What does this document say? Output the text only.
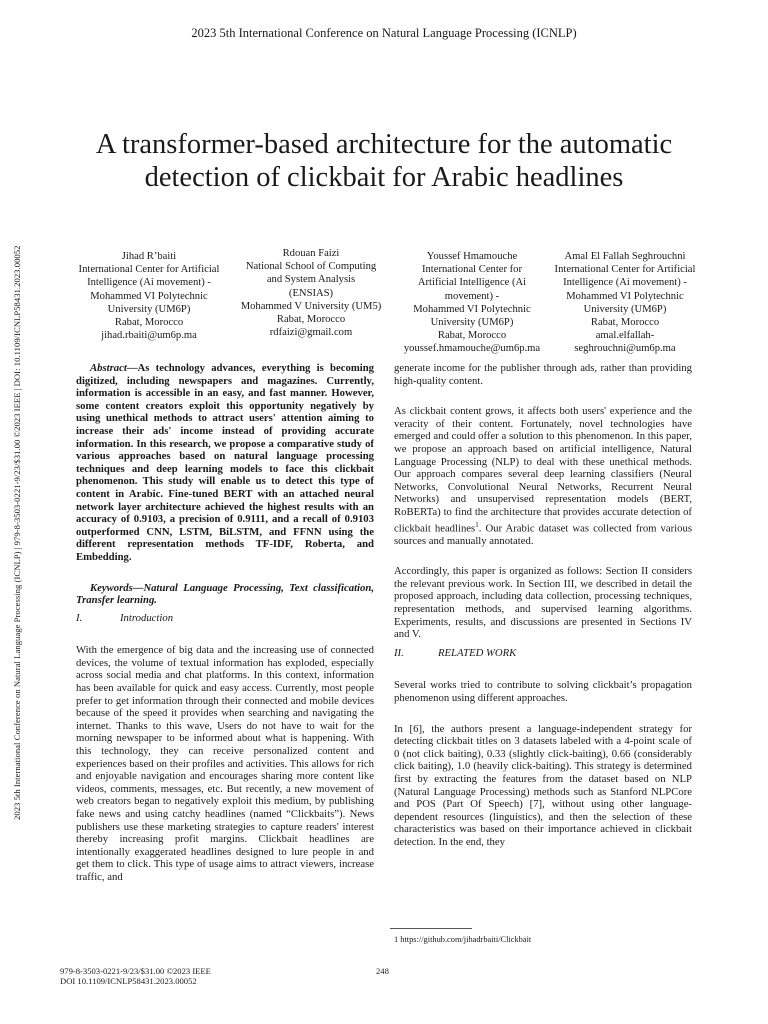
2023 5th International Conference on Natural Language Processing (ICNLP)
2023 5th International Conference on Natural Language Processing (ICNLP) | 979-8-3503-0221-9/23/$31.00 ©2023 IEEE | DOI: 10.1109/ICNLP58431.2023.00052
A transformer-based architecture for the automatic
detection of clickbait for Arabic headlines
Jihad R’baiti
International Center for Artificial
Intelligence (Ai movement) -
Mohammed VI Polytechnic
University (UM6P)
Rabat, Morocco
jihad.rbaiti@um6p.ma
Rdouan Faizi
National School of Computing
and System Analysis
(ENSIAS)
Mohammed V University (UM5)
Rabat, Morocco
rdfaizi@gmail.com
Youssef Hmamouche
International Center for
Artificial Intelligence (Ai
movement) -
Mohammed VI Polytechnic
University (UM6P)
Rabat, Morocco
youssef.hmamouche@um6p.ma
Amal El Fallah Seghrouchni
International Center for Artificial
Intelligence (Ai movement) -
Mohammed VI Polytechnic
University (UM6P)
Rabat, Morocco
amal.elfallah-
seghrouchni@um6p.ma

Abstract—As technology advances, everything is becoming digitized, including newspapers and magazines. Currently, information is accessible in an easy, and fast manner. However, some content creators exploit this opportunity negatively by using unethical methods to attract users' attention aiming to increase their ads' income instead of providing accurate information. In this research, we propose a comparative study of various approaches based on natural language processing techniques and deep learning models to face this clickbait phenomenon. This study will enable us to detect this type of content in Arabic. Fine-tuned BERT with an attached neural network layer architecture achieved the highest results with an accuracy of 0.9103, a precision of 0.9111, and a recall of 0.9103 outperformed CNN, LSTM, BiLSTM, and FFNN using the different representation methods TF-IDF, Roberta, and Embedding.

Keywords—Natural Language Processing, Text classification, Transfer learning.

I.	Introduction

With the emergence of big data and the increasing use of connected devices, the volume of textual information has exploded, especially across social media and chat platforms. In this context, information has been available for quick and easy access. Currently, most people prefer to get information through their connected and mobile devices because of the speed it provides when searching and navigating the internet. Thanks to this wave, Users do not have to wait for the morning newspaper to be informed about what is happening. With this technology, they can receive personalized content and experiences based on their profiles and activities. This allows for rich and enjoyable navigation and encourages sharing more content like videos, comments, messages, etc. But recently, a new movement of web creators began to negatively exploit this medium, by publishing fake news and using catchy headlines (named “Clickbaits”). News publishers use these marketing strategies to capture readers' interest thereby increasing profit margins. Clickbait headlines are intentionally exaggerated headlines designed to lure people in and get them to click. This type of usage aims to attract viewers, increase traffic, and

generate income for the publisher through ads, rather than providing high-quality content.

As clickbait content grows, it affects both users' experience and the veracity of their content. Fortunately, novel technologies have emerged and could offer a solution to this phenomenon. In this paper, we propose an approach based on artificial intelligence, Natural Language Processing (NLP) to deal with these unethical methods. Our approach compares several deep learning classifiers (Neural Networks, Convolutional Neural Networks, Recurrent Neural Networks) and unsupervised representation models (BERT, RoBERTa) to find the architecture that provides accurate detection of clickbait headlines$^1$. Our Arabic dataset was collected from various sources and manually annotated.

Accordingly, this paper is organized as follows: Section II considers the relevant previous work. In Section III, we described in detail the proposed approach, including data collection, processing techniques, representation methods, and supervised learning algorithms. Experiments, results, and discussions are presented in Sections IV and V.

II.	RELATED WORK

Several works tried to contribute to solving clickbait’s propagation phenomenon using different approaches.

In [6], the authors present a language-independent strategy for detecting clickbait titles on 3 datasets labeled with a 4-point scale of 0 (not click baiting), 0.33 (slightly click-baiting), 0.66 (considerably click baiting), 1.0 (heavily click-baiting). This strategy is determined first by extracting the features from the dataset based on NLP (Natural Language Processing) methods such as Stanford NLPCore and POS (Part Of Speech) [7], without using other language-dependent resources (linguistics), and then the selection of these characteristics was based on their importance achieved in clickbait detection. In the end, they

1 https://github.com/jihadrbaiti/Clickbait
979-8-3503-0221-9/23/$31.00 ©2023 IEEE
DOI 10.1109/ICNLP58431.2023.00052
248
